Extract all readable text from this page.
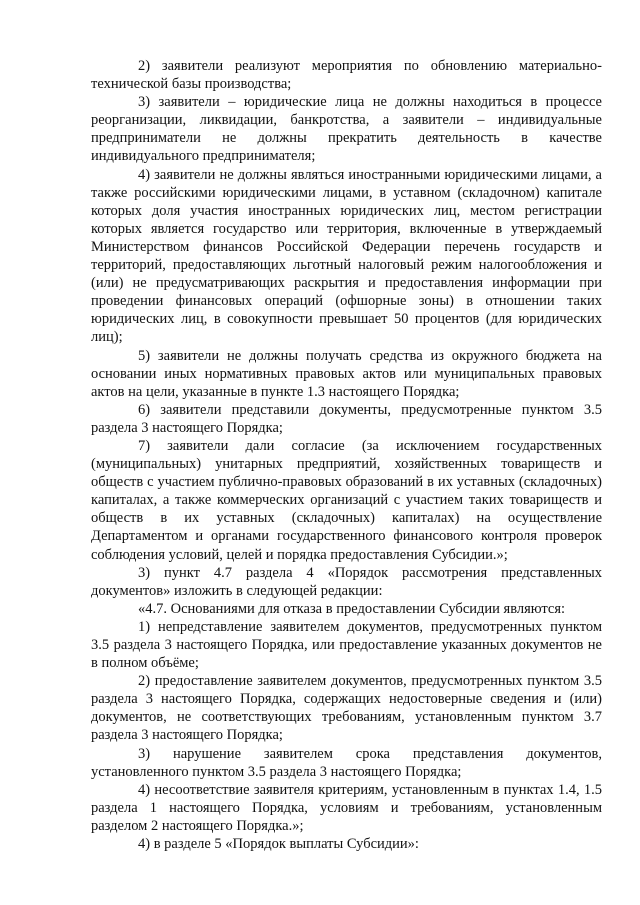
2) заявители реализуют мероприятия по обновлению материально-технической базы производства;

3) заявители – юридические лица не должны находиться в процессе реорганизации, ликвидации, банкротства, а заявители – индивидуальные предприниматели не должны прекратить деятельность в качестве индивидуального предпринимателя;

4) заявители не должны являться иностранными юридическими лицами, а также российскими юридическими лицами, в уставном (складочном) капитале которых доля участия иностранных юридических лиц, местом регистрации которых является государство или территория, включенные в утверждаемый Министерством финансов Российской Федерации перечень государств и территорий, предоставляющих льготный налоговый режим налогообложения и (или) не предусматривающих раскрытия и предоставления информации при проведении финансовых операций (офшорные зоны) в отношении таких юридических лиц, в совокупности превышает 50 процентов (для юридических лиц);

5) заявители не должны получать средства из окружного бюджета на основании иных нормативных правовых актов или муниципальных правовых актов на цели, указанные в пункте 1.3 настоящего Порядка;

6) заявители представили документы, предусмотренные пунктом 3.5 раздела 3 настоящего Порядка;

7) заявители дали согласие (за исключением государственных (муниципальных) унитарных предприятий, хозяйственных товариществ и обществ с участием публично-правовых образований в их уставных (складочных) капиталах, а также коммерческих организаций с участием таких товариществ и обществ в их уставных (складочных) капиталах) на осуществление Департаментом и органами государственного финансового контроля проверок соблюдения условий, целей и порядка предоставления Субсидии.»;

3) пункт 4.7 раздела 4 «Порядок рассмотрения представленных документов» изложить в следующей редакции:

«4.7. Основаниями для отказа в предоставлении Субсидии являются:

1) непредставление заявителем документов, предусмотренных пунктом 3.5 раздела 3 настоящего Порядка, или предоставление указанных документов не в полном объёме;

2) предоставление заявителем документов, предусмотренных пунктом 3.5 раздела 3 настоящего Порядка, содержащих недостоверные сведения и (или) документов, не соответствующих требованиям, установленным пунктом 3.7 раздела 3 настоящего Порядка;

3) нарушение заявителем срока представления документов, установленного пунктом 3.5 раздела 3 настоящего Порядка;

4) несоответствие заявителя критериям, установленным в пунктах 1.4, 1.5 раздела 1 настоящего Порядка, условиям и требованиям, установленным разделом 2 настоящего Порядка.»;

4) в разделе 5 «Порядок выплаты Субсидии»:
